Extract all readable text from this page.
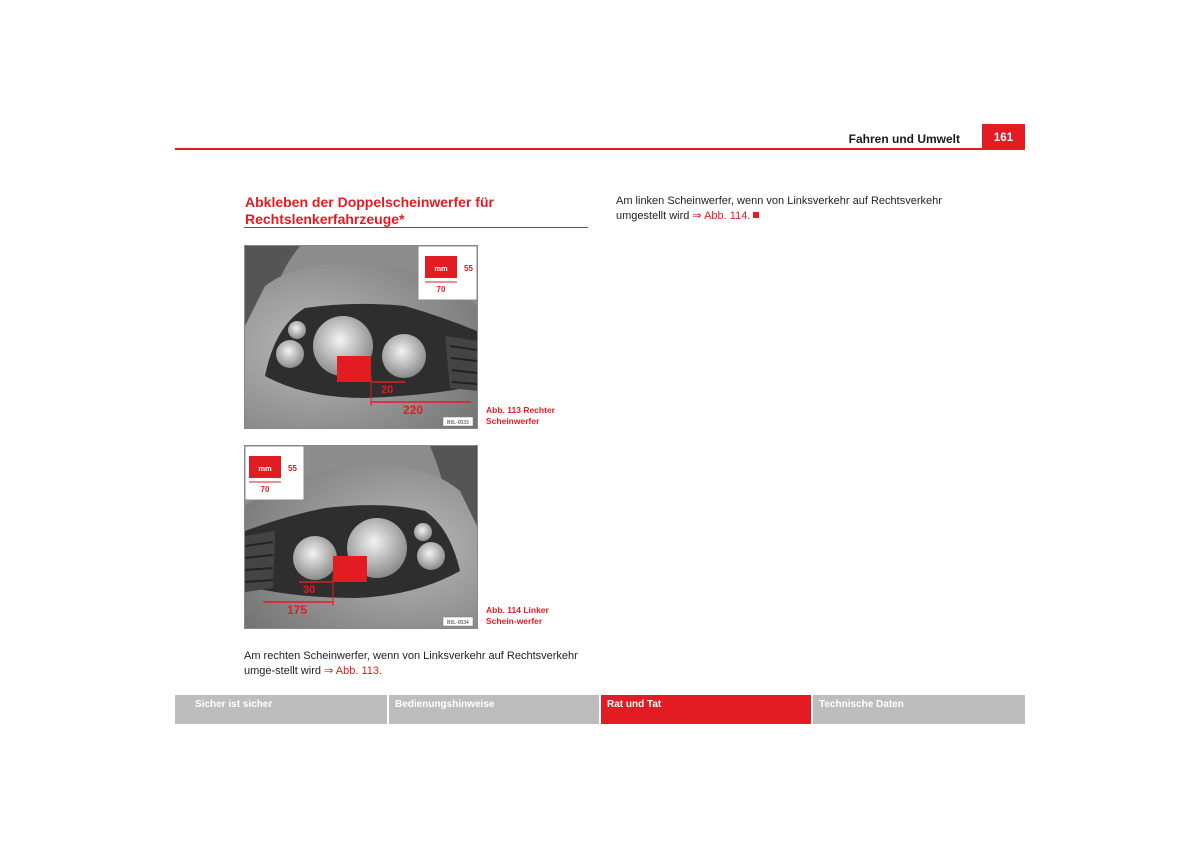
Fahren und Umwelt	161
Abkleben der Doppelscheinwerfer für Rechtslenkerfahrzeuge*
20
220
mm 55
70
B6L-0033
Abb. 113 Rechter Scheinwerfer
30
175
mm 55
70
B6L-0034
Abb. 114 Linker Schein-werfer
Am rechten Scheinwerfer, wenn von Linksverkehr auf Rechtsverkehr umge-stellt wird ⇒ Abb. 113.
Am linken Scheinwerfer, wenn von Linksverkehr auf Rechtsverkehr umgestellt wird ⇒ Abb. 114.
Sicher ist sicher	Bedienungshinweise	Rat und Tat	Technische Daten
